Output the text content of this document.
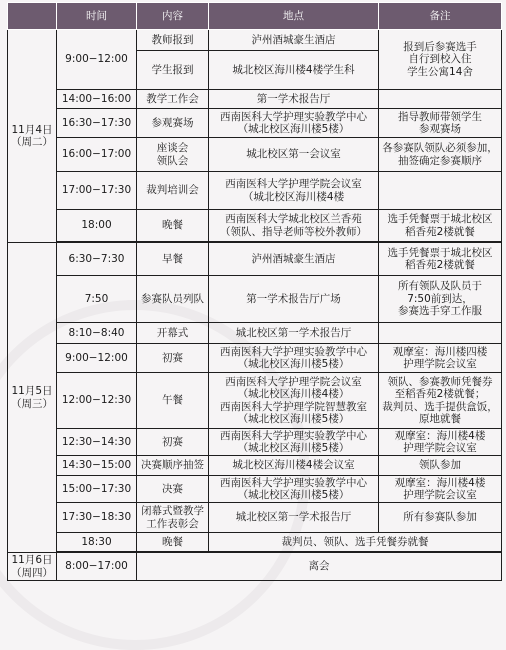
	时间	内容	地点	备注
11月4日
（周二）	9:00−12:00	教师报到	泸州酒城豪生酒店	报到后参赛选手
自行到校入住
学生公寓14舍
		学生报到	城北校区海川楼4楼学生科	
	14:00−16:00	教学工作会	第一学术报告厅	
	16:30−17:30	参观赛场	西南医科大学护理实验教学中心
（城北校区海川楼5楼）	指导教师带领学生
参观赛场
	16:00−17:00	座谈会
领队会	城北校区第一会议室	各参赛队领队必须参加，
抽签确定参赛顺序
	17:00−17:30	裁判培训会	西南医科大学护理学院会议室
（城北校区海川楼4楼	
	18:00	晚餐	西南医科大学城北校区兰香苑
（领队、指导老师等校外教师）	选手凭餐票于城北校区
稻香苑2楼就餐

11月5日
（周三）	6:30−7:30	早餐	泸州酒城豪生酒店	选手凭餐票于城北校区
稻香苑2楼就餐
	7:50	参赛队员列队	第一学术报告厅广场	所有领队及队员于
7:50前到达，
参赛选手穿工作服
	8:10−8:40	开幕式	城北校区第一学术报告厅	
	9:00−12:00	初赛	西南医科大学护理实验教学中心
（城北校区海川楼5楼）	观摩室：海川楼四楼
护理学院会议室
	12:00−12:30	午餐	西南医科大学护理学院会议室
（城北校区海川楼4楼）
西南医科大学护理学院智慧教室
（城北校区海川楼5楼）	领队、参赛教师凭餐券
至稻香苑2楼就餐；
裁判员、选手提供盒饭，
原地就餐
	12:30−14:30	初赛	西南医科大学护理实验教学中心
（城北校区海川楼5楼）	观摩室：海川楼4楼
护理学院会议室
	14:30−15:00	决赛顺序抽签	城北校区海川楼4楼会议室	领队参加
	15:00−17:30	决赛	西南医科大学护理实验教学中心
（城北校区海川楼5楼）	观摩室：海川楼4楼
护理学院会议室
	17:30−18:30	闭幕式暨教学
工作表彰会	城北校区第一学术报告厅	所有参赛队参加
	18:30	晚餐	裁判员、领队、选手凭餐券就餐	

11月6日
（周四）	8:00−17:00	离会		
